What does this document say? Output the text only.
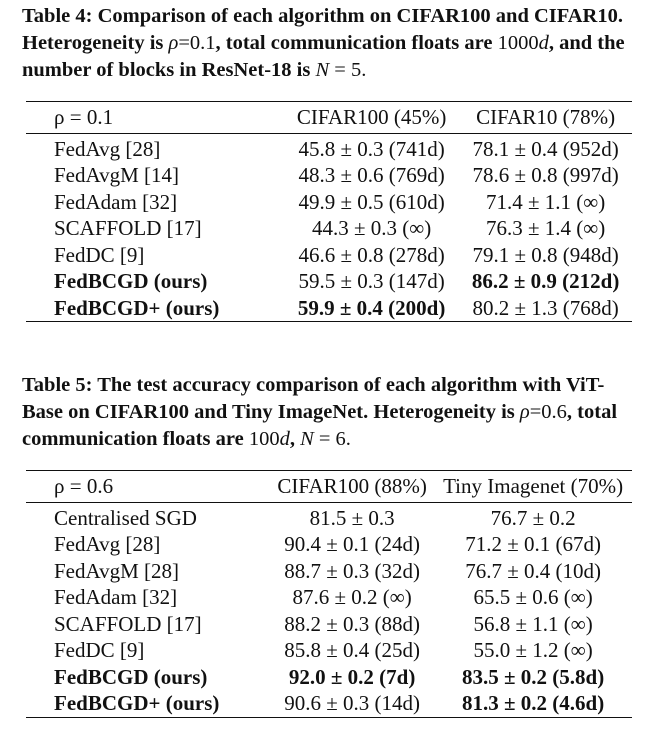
Table 4: Comparison of each algorithm on CIFAR100 and CIFAR10. Heterogeneity is ρ=0.1, total communication floats are 1000d, and the number of blocks in ResNet-18 is N = 5.
ρ = 0.1	CIFAR100 (45%)	CIFAR10 (78%)
FedAvg [28]	45.8 ± 0.3 (741d)	78.1 ± 0.4 (952d)
FedAvgM [14]	48.3 ± 0.6 (769d)	78.6 ± 0.8 (997d)
FedAdam [32]	49.9 ± 0.5 (610d)	71.4 ± 1.1 (∞)
SCAFFOLD [17]	44.3 ± 0.3 (∞)	76.3 ± 1.4 (∞)
FedDC [9]	46.6 ± 0.8 (278d)	79.1 ± 0.8 (948d)
FedBCGD (ours)	59.5 ± 0.3 (147d)	86.2 ± 0.9 (212d)
FedBCGD+ (ours)	59.9 ± 0.4 (200d)	80.2 ± 1.3 (768d)
Table 5: The test accuracy comparison of each algorithm with ViT-Base on CIFAR100 and Tiny ImageNet. Heterogeneity is ρ=0.6, total communication floats are 100d, N = 6.
ρ = 0.6	CIFAR100 (88%)	Tiny Imagenet (70%)
Centralised SGD	81.5 ± 0.3	76.7 ± 0.2
FedAvg [28]	90.4 ± 0.1 (24d)	71.2 ± 0.1 (67d)
FedAvgM [28]	88.7 ± 0.3 (32d)	76.7 ± 0.4 (10d)
FedAdam [32]	87.6 ± 0.2 (∞)	65.5 ± 0.6 (∞)
SCAFFOLD [17]	88.2 ± 0.3 (88d)	56.8 ± 1.1 (∞)
FedDC [9]	85.8 ± 0.4 (25d)	55.0 ± 1.2 (∞)
FedBCGD (ours)	92.0 ± 0.2 (7d)	83.5 ± 0.2 (5.8d)
FedBCGD+ (ours)	90.6 ± 0.3 (14d)	81.3 ± 0.2 (4.6d)
